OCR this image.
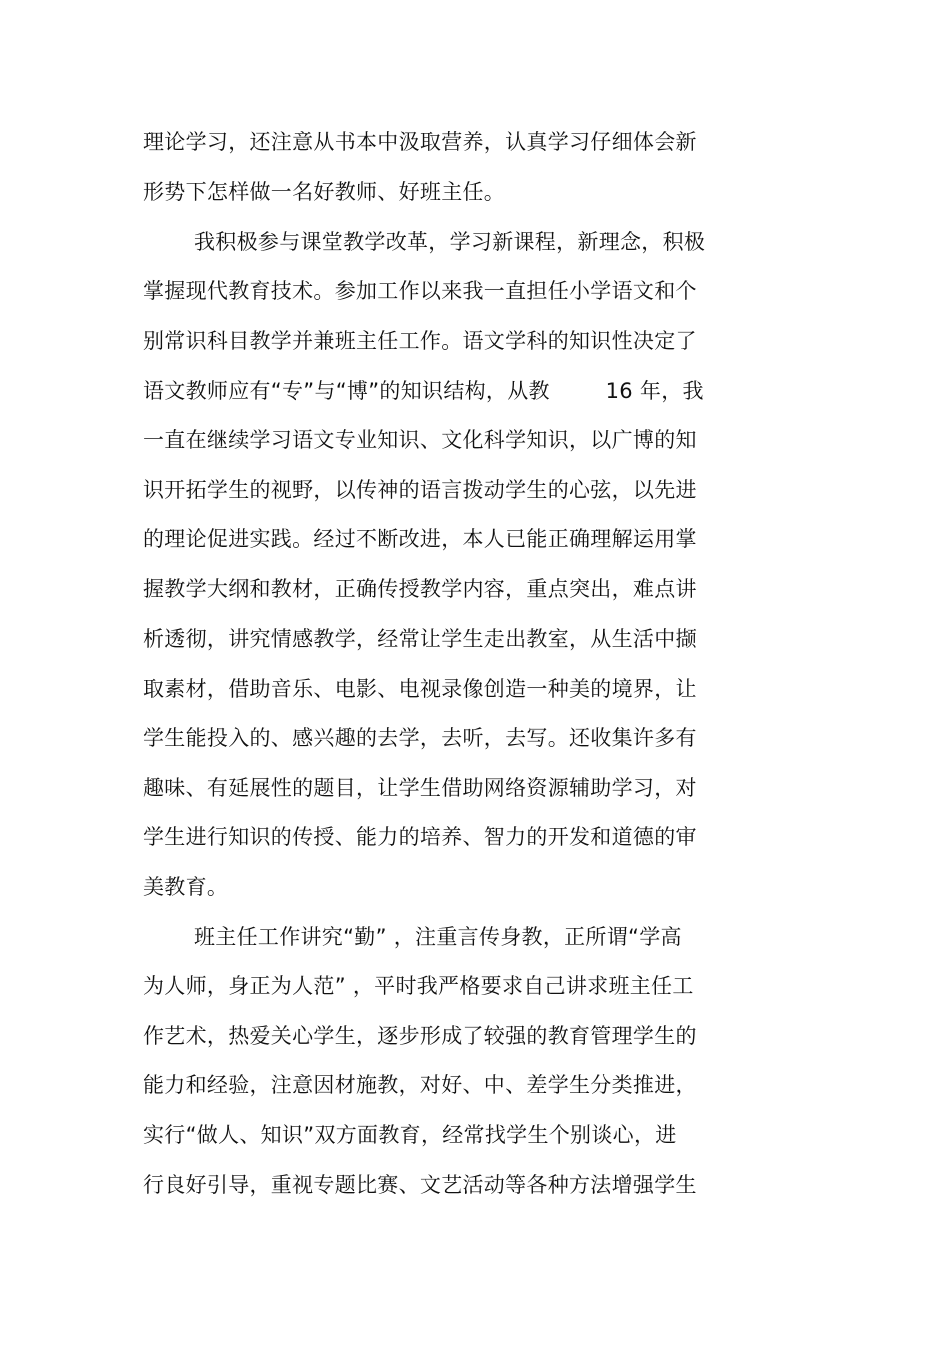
理论学习，还注意从书本中汲取营养，认真学习仔细体会新
形势下怎样做一名好教师、好班主任。
我积极参与课堂教学改革，学习新课程，新理念，积极
掌握现代教育技术。参加工作以来我一直担任小学语文和个
别常识科目教学并兼班主任工作。语文学科的知识性决定了
语文教师应有“专”与“博”的知识结构，从教        16 年，我
一直在继续学习语文专业知识、文化科学知识，以广博的知
识开拓学生的视野，以传神的语言拨动学生的心弦，以先进
的理论促进实践。经过不断改进，本人已能正确理解运用掌
握教学大纲和教材，正确传授教学内容，重点突出，难点讲
析透彻，讲究情感教学，经常让学生走出教室，从生活中撷
取素材，借助音乐、电影、电视录像创造一种美的境界，让
学生能投入的、感兴趣的去学，去听，去写。还收集许多有
趣味、有延展性的题目，让学生借助网络资源辅助学习，对
学生进行知识的传授、能力的培养、智力的开发和道德的审
美教育。
班主任工作讲究“勤” ，注重言传身教，正所谓“学高
为人师，身正为人范” ，平时我严格要求自己讲求班主任工
作艺术，热爱关心学生，逐步形成了较强的教育管理学生的
能力和经验，注意因材施教，对好、中、差学生分类推进，
实行“做人、知识”双方面教育，经常找学生个别谈心，进
行良好引导，重视专题比赛、文艺活动等各种方法增强学生
